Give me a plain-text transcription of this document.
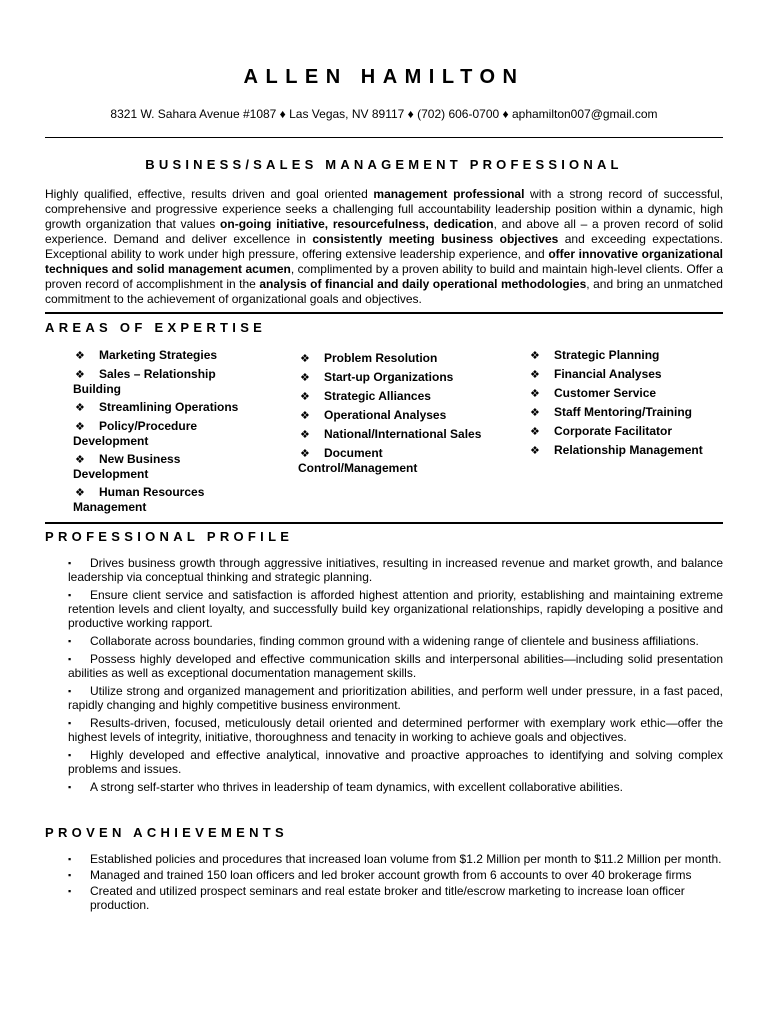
ALLEN HAMILTON
8321 W. Sahara Avenue #1087 ♦ Las Vegas, NV 89117 ♦ (702) 606-0700 ♦ aphamilton007@gmail.com
BUSINESS/SALES MANAGEMENT PROFESSIONAL
Highly qualified, effective, results driven and goal oriented management professional with a strong record of successful, comprehensive and progressive experience seeks a challenging full accountability leadership position within a dynamic, high growth organization that values on-going initiative, resourcefulness, dedication, and above all – a proven record of solid experience. Demand and deliver excellence in consistently meeting business objectives and exceeding expectations. Exceptional ability to work under high pressure, offering extensive leadership experience, and offer innovative organizational techniques and solid management acumen, complimented by a proven ability to build and maintain high-level clients. Offer a proven record of accomplishment in the analysis of financial and daily operational methodologies, and bring an unmatched commitment to the achievement of organizational goals and objectives.
AREAS OF EXPERTISE
❖ Marketing Strategies
❖ Sales – Relationship Building
❖ Streamlining Operations
❖ Policy/Procedure Development
❖ New Business Development
❖ Human Resources Management
❖ Problem Resolution
❖ Start-up Organizations
❖ Strategic Alliances
❖ Operational Analyses
❖ National/International Sales
❖ Document Control/Management
❖ Strategic Planning
❖ Financial Analyses
❖ Customer Service
❖ Staff Mentoring/Training
❖ Corporate Facilitator
❖ Relationship Management
PROFESSIONAL PROFILE
▪ Drives business growth through aggressive initiatives, resulting in increased revenue and market growth, and balance leadership via conceptual thinking and strategic planning.
▪ Ensure client service and satisfaction is afforded highest attention and priority, establishing and maintaining extreme retention levels and client loyalty, and successfully build key organizational relationships, rapidly developing a positive and productive working rapport.
▪ Collaborate across boundaries, finding common ground with a widening range of clientele and business affiliations.
▪ Possess highly developed and effective communication skills and interpersonal abilities—including solid presentation abilities as well as exceptional documentation management skills.
▪ Utilize strong and organized management and prioritization abilities, and perform well under pressure, in a fast paced, rapidly changing and highly competitive business environment.
▪ Results-driven, focused, meticulously detail oriented and determined performer with exemplary work ethic—offer the highest levels of integrity, initiative, thoroughness and tenacity in working to achieve goals and objectives.
▪ Highly developed and effective analytical, innovative and proactive approaches to identifying and solving complex problems and issues.
▪ A strong self-starter who thrives in leadership of team dynamics, with excellent collaborative abilities.
PROVEN ACHIEVEMENTS
▪ Established policies and procedures that increased loan volume from $1.2 Million per month to $11.2 Million per month.
▪ Managed and trained 150 loan officers and led broker account growth from 6 accounts to over 40 brokerage firms
▪ Created and utilized prospect seminars and real estate broker and title/escrow marketing to increase loan officer production.
